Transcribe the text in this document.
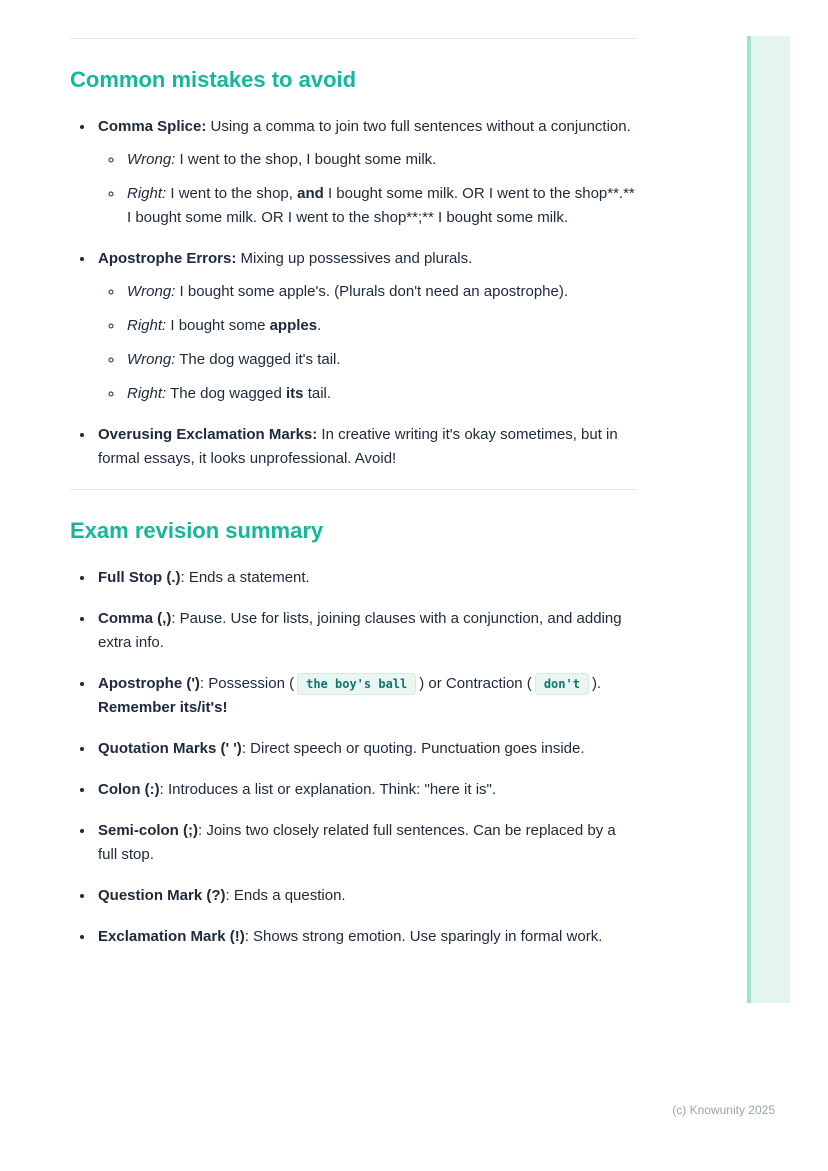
Common mistakes to avoid
• Comma Splice: Using a comma to join two full sentences without a conjunction.
◦ Wrong: I went to the shop, I bought some milk.
◦ Right: I went to the shop, and I bought some milk. OR I went to the shop**.** I bought some milk. OR I went to the shop**;** I bought some milk.
• Apostrophe Errors: Mixing up possessives and plurals.
◦ Wrong: I bought some apple's. (Plurals don't need an apostrophe).
◦ Right: I bought some apples.
◦ Wrong: The dog wagged it's tail.
◦ Right: The dog wagged its tail.
• Overusing Exclamation Marks: In creative writing it's okay sometimes, but in formal essays, it looks unprofessional. Avoid!
Exam revision summary
• Full Stop (.): Ends a statement.
• Comma (,): Pause. Use for lists, joining clauses with a conjunction, and adding extra info.
• Apostrophe ('): Possession ( the boy's ball ) or Contraction ( don't ). Remember its/it's!
• Quotation Marks (' '): Direct speech or quoting. Punctuation goes inside.
• Colon (:): Introduces a list or explanation. Think: "here it is".
• Semi-colon (;): Joins two closely related full sentences. Can be replaced by a full stop.
• Question Mark (?): Ends a question.
• Exclamation Mark (!): Shows strong emotion. Use sparingly in formal work.
(c) Knowunity 2025
